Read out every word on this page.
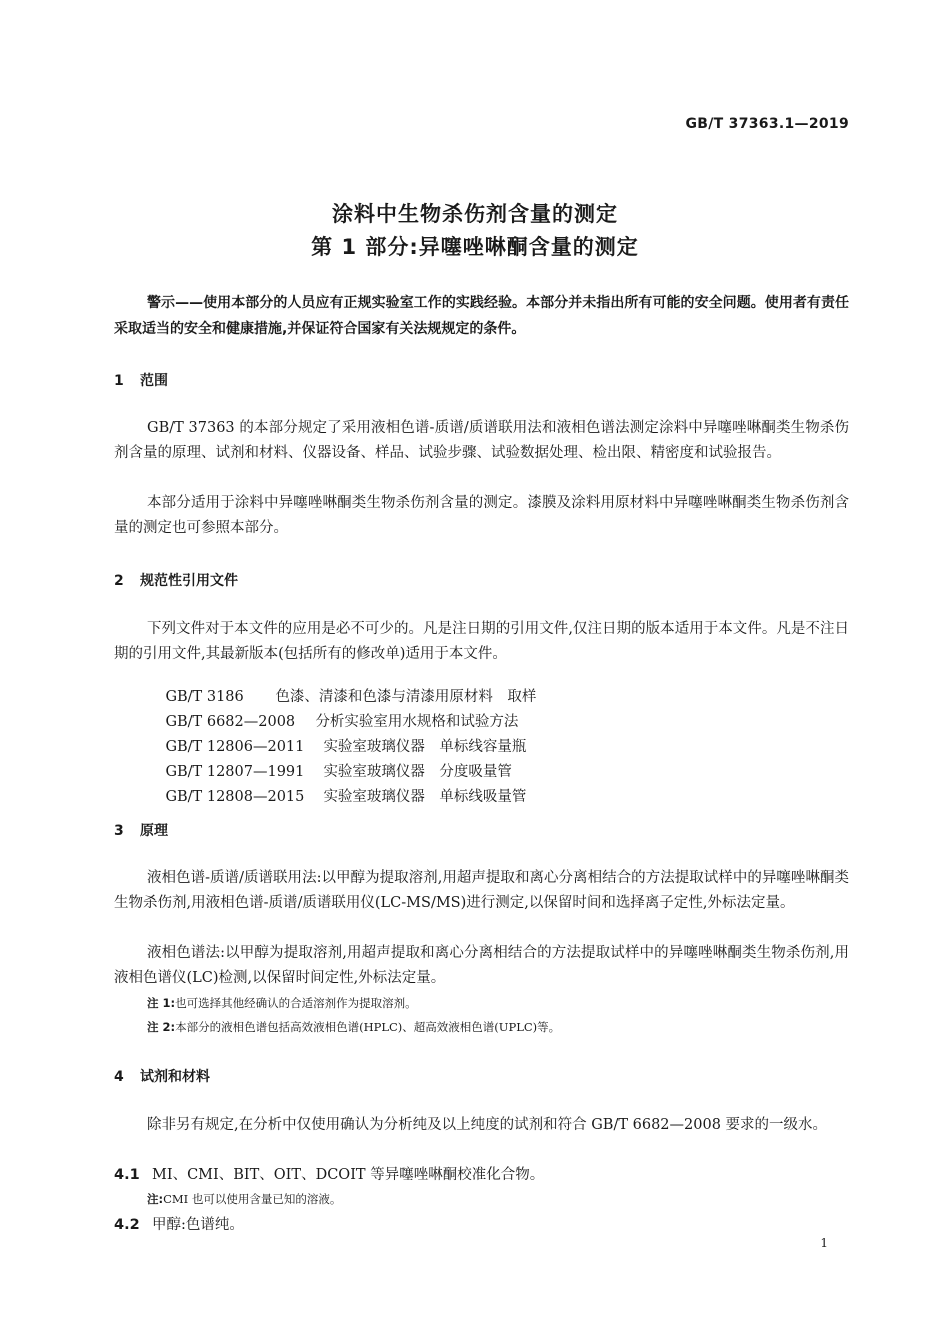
GB/T 37363.1—2019
涂料中生物杀伤剂含量的测定
第 1 部分:异噻唑啉酮含量的测定
警示——使用本部分的人员应有正规实验室工作的实践经验。本部分并未指出所有可能的安全问题。使用者有责任采取适当的安全和健康措施,并保证符合国家有关法规规定的条件。
1 范围
GB/T 37363 的本部分规定了采用液相色谱-质谱/质谱联用法和液相色谱法测定涂料中异噻唑啉酮类生物杀伤剂含量的原理、试剂和材料、仪器设备、样品、试验步骤、试验数据处理、检出限、精密度和试验报告。
本部分适用于涂料中异噻唑啉酮类生物杀伤剂含量的测定。漆膜及涂料用原材料中异噻唑啉酮类生物杀伤剂含量的测定也可参照本部分。
2 规范性引用文件
下列文件对于本文件的应用是必不可少的。凡是注日期的引用文件,仅注日期的版本适用于本文件。凡是不注日期的引用文件,其最新版本(包括所有的修改单)适用于本文件。

GB/T 3186 色漆、清漆和色漆与清漆用原材料　取样

GB/T 6682—2008 分析实验室用水规格和试验方法

GB/T 12806—2011 实验室玻璃仪器　单标线容量瓶

GB/T 12807—1991 实验室玻璃仪器　分度吸量管

GB/T 12808—2015 实验室玻璃仪器　单标线吸量管

3 原理
液相色谱-质谱/质谱联用法:以甲醇为提取溶剂,用超声提取和离心分离相结合的方法提取试样中的异噻唑啉酮类生物杀伤剂,用液相色谱-质谱/质谱联用仪(LC-MS/MS)进行测定,以保留时间和选择离子定性,外标法定量。
液相色谱法:以甲醇为提取溶剂,用超声提取和离心分离相结合的方法提取试样中的异噻唑啉酮类生物杀伤剂,用液相色谱仪(LC)检测,以保留时间定性,外标法定量。
注 1:也可选择其他经确认的合适溶剂作为提取溶剂。
注 2:本部分的液相色谱包括高效液相色谱(HPLC)、超高效液相色谱(UPLC)等。
4 试剂和材料
除非另有规定,在分析中仅使用确认为分析纯及以上纯度的试剂和符合 GB/T 6682—2008 要求的一级水。
4.1 MI、CMI、BIT、OIT、DCOIT 等异噻唑啉酮校准化合物。
注:CMI 也可以使用含量已知的溶液。
4.2 甲醇:色谱纯。
1
